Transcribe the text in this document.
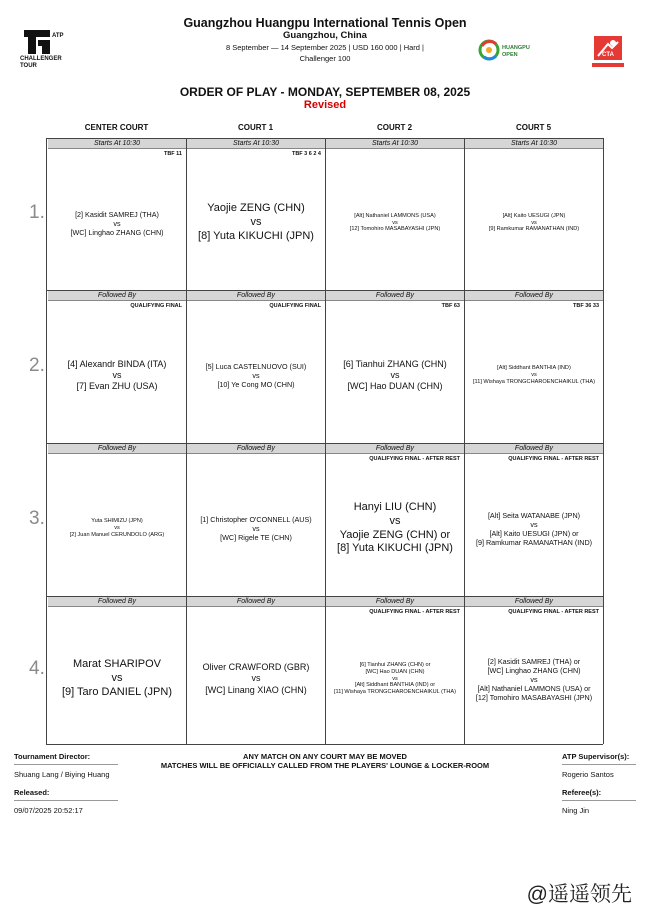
ATP
CHALLENGER TOUR
Guangzhou Huangpu International Tennis Open
Guangzhou, China
8 September — 14 September 2025 | USD 160 000 | Hard |
Challenger 100
HUANGPU
OPEN	CTA
ORDER OF PLAY - MONDAY, SEPTEMBER 08, 2025
Revised
CENTER COURT	COURT 1	COURT 2	COURT 5
1.
Starts At 10:30
TBF 11
[2] Kasidit SAMREJ (THA)
vs
[WC] Linghao ZHANG (CHN)
Starts At 10:30
TBF 3 6 2 4
Yaojie ZENG (CHN)
vs
[8] Yuta KIKUCHI (JPN)
Starts At 10:30
[Alt] Nathaniel LAMMONS (USA)
vs
[12] Tomohiro MASABAYASHI (JPN)
Starts At 10:30
[Alt] Kaito UESUGI (JPN)
vs
[9] Ramkumar RAMANATHAN (IND)
2.
Followed By
QUALIFYING FINAL
[4] Alexandr BINDA (ITA)
vs
[7] Evan ZHU (USA)
Followed By
QUALIFYING FINAL
[5] Luca CASTELNUOVO (SUI)
vs
[10] Ye Cong MO (CHN)
Followed By
TBF 63
[6] Tianhui ZHANG (CHN)
vs
[WC] Hao DUAN (CHN)
Followed By
TBF 36 33
[Alt] Siddhant BANTHIA (IND)
vs
[11] Wishaya TRONGCHAROENCHAIKUL (THA)
3.
Followed By
Yuta SHIMIZU (JPN)
vs
[2] Juan Manuel CERUNDOLO (ARG)
Followed By
[1] Christopher O'CONNELL (AUS)
vs
[WC] Rigele TE (CHN)
Followed By
QUALIFYING FINAL - AFTER REST
Hanyi LIU (CHN)
vs
Yaojie ZENG (CHN) or
[8] Yuta KIKUCHI (JPN)
Followed By
QUALIFYING FINAL - AFTER REST
[Alt] Seita WATANABE (JPN)
vs
[Alt] Kaito UESUGI (JPN) or
[9] Ramkumar RAMANATHAN (IND)
4.
Followed By
Marat SHARIPOV
vs
[9] Taro DANIEL (JPN)
Followed By
Oliver CRAWFORD (GBR)
vs
[WC] Linang XIAO (CHN)
Followed By
QUALIFYING FINAL - AFTER REST
[6] Tianhui ZHANG (CHN) or
[WC] Hao DUAN (CHN)
vs
[Alt] Siddhant BANTHIA (IND) or
[11] Wishaya TRONGCHAROENCHAIKUL (THA)
Followed By
QUALIFYING FINAL - AFTER REST
[2] Kasidit SAMREJ (THA) or
[WC] Linghao ZHANG (CHN)
vs
[Alt] Nathaniel LAMMONS (USA) or
[12] Tomohiro MASABAYASHI (JPN)
Tournament Director:
Shuang Lang / Biying Huang
Released:
09/07/2025 20:52:17
ANY MATCH ON ANY COURT MAY BE MOVED
MATCHES WILL BE OFFICIALLY CALLED FROM THE PLAYERS' LOUNGE & LOCKER-ROOM
ATP Supervisor(s):
Rogerio Santos
Referee(s):
Ning Jin
@遥遥领先
